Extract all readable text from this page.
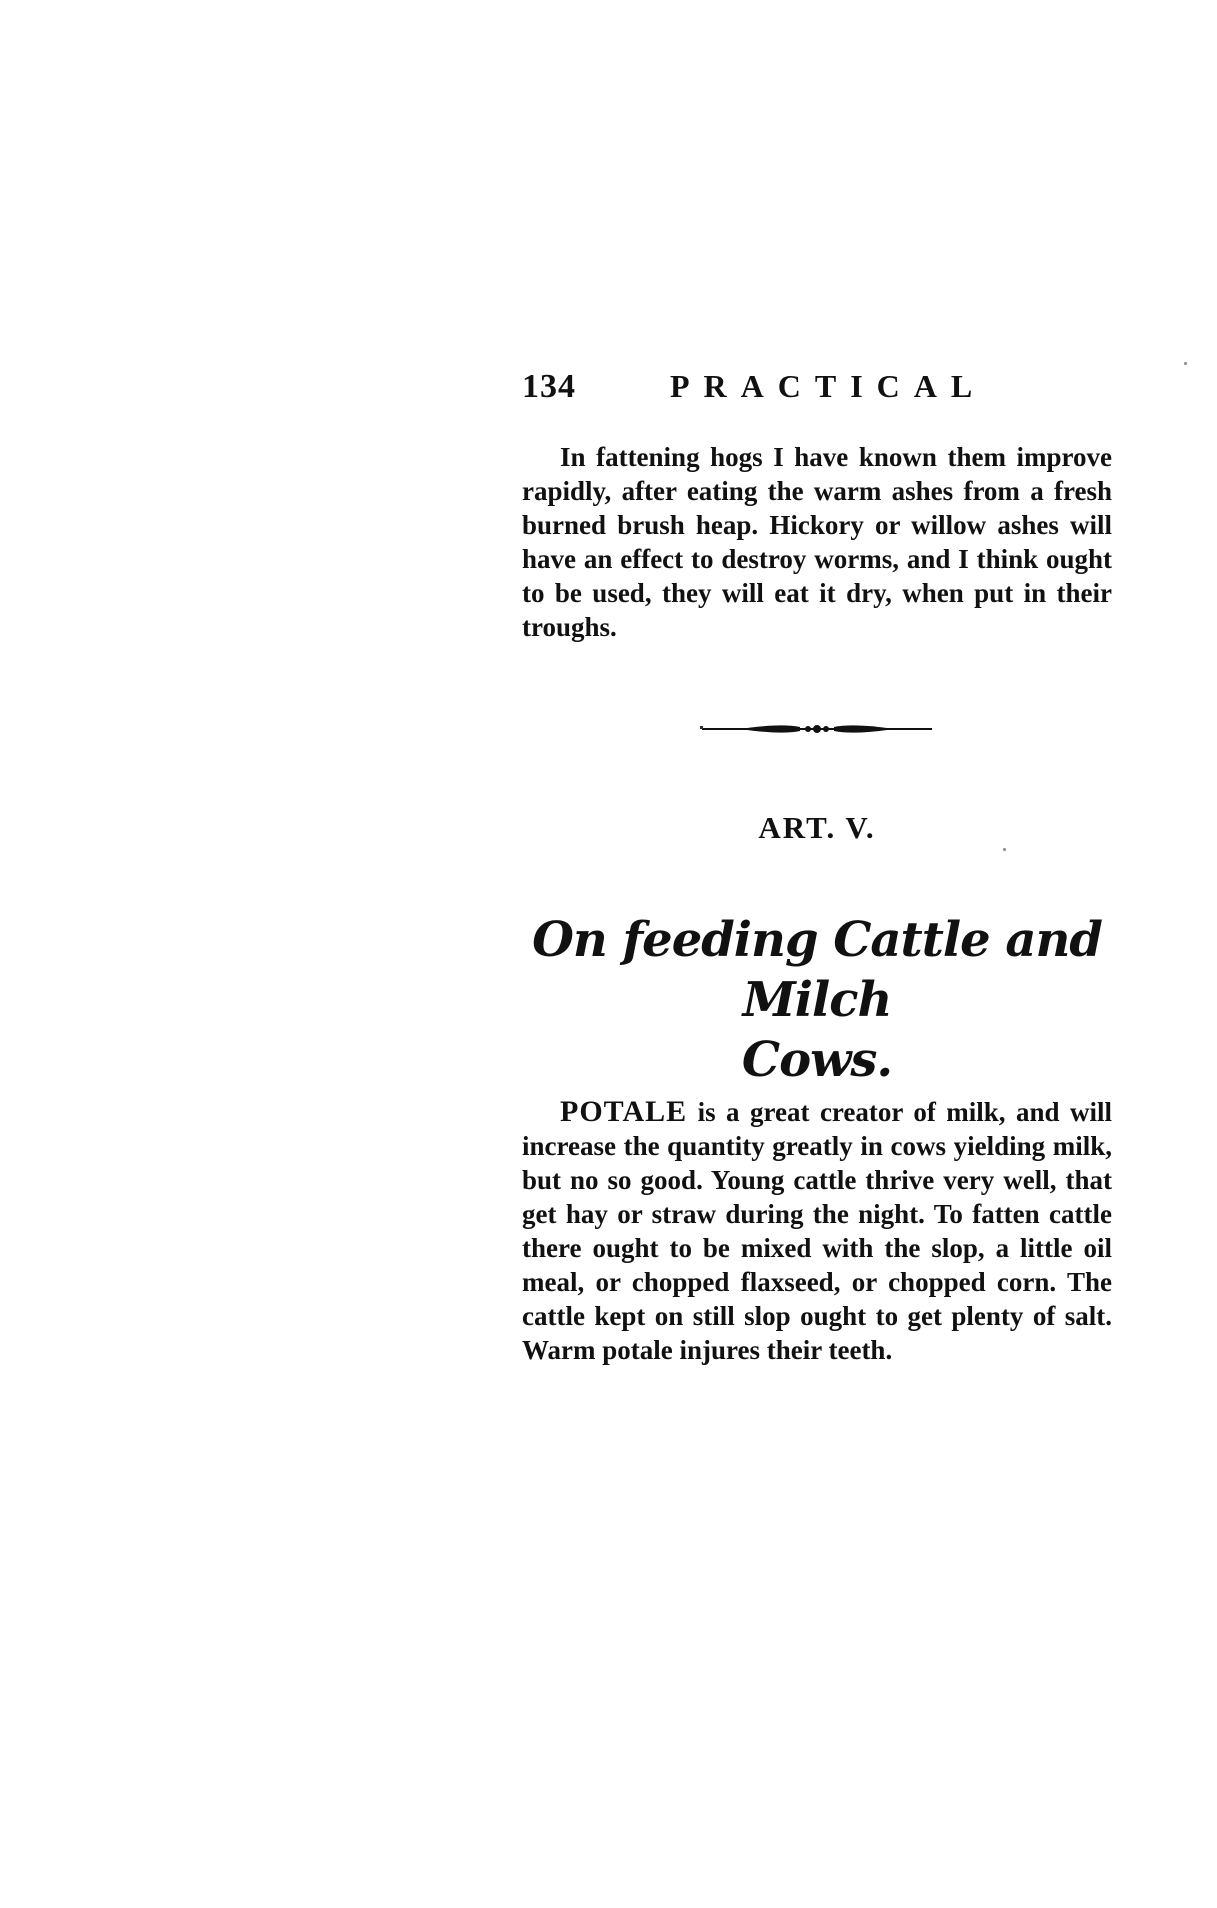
134	PRACTICAL

In fattening hogs I have known them improve rapidly, after eating the warm ashes from a fresh burned brush heap. Hickory or willow ashes will have an effect to destroy worms, and I think ought to be used, they will eat it dry, when put in their troughs.

ART. V.
On feeding Cattle and Milch
Cows.

POTALE is a great creator of milk, and will increase the quantity greatly in cows yielding milk, but no so good. Young cattle thrive very well, that get hay or straw during the night. To fatten cattle there ought to be mixed with the slop, a little oil meal, or chopped flaxseed, or chopped corn. The cattle kept on still slop ought to get plenty of salt. Warm potale injures their teeth.
